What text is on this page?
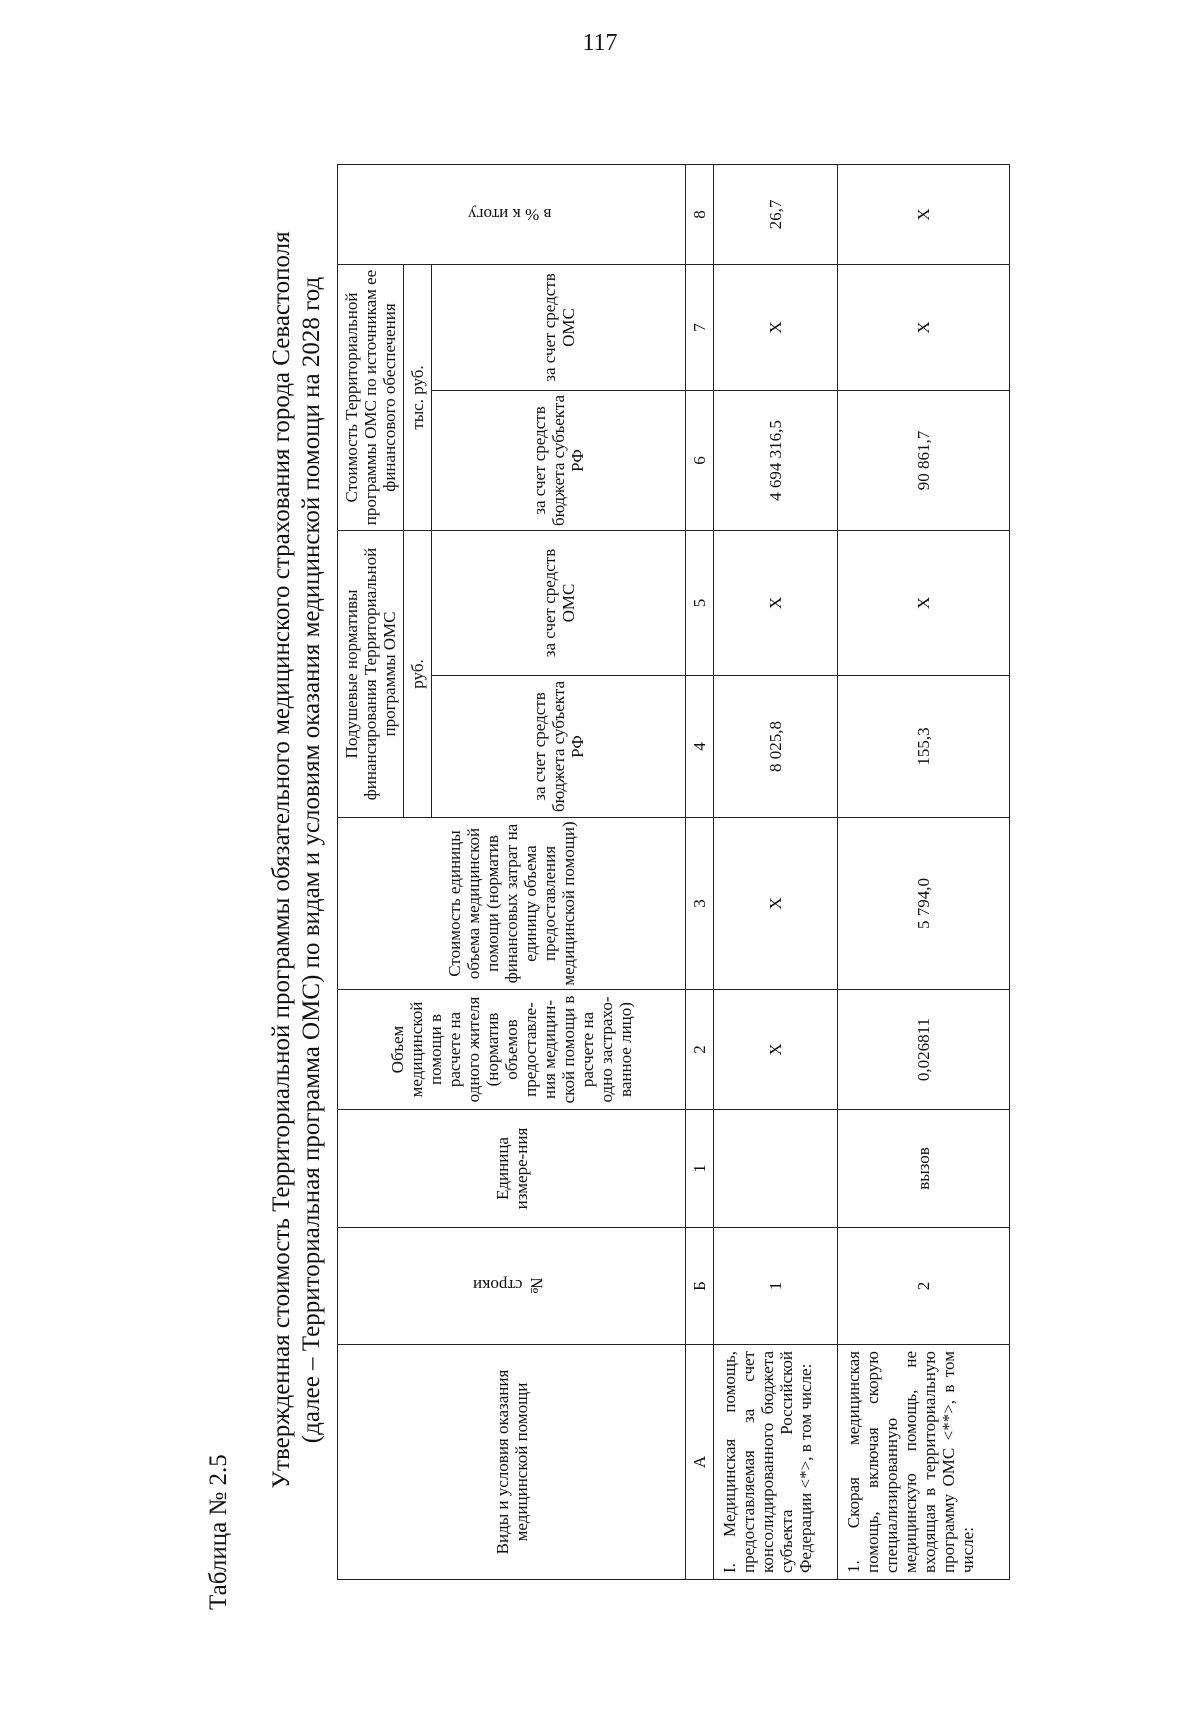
117
Таблица № 2.5
Утвержденная стоимость Территориальной программы обязательного медицинского страхования города Севастополя (далее – Территориальная программа ОМС) по видам и условиям оказания медицинской помощи на 2028 год
Виды и условия оказания медицинской помощи	№ строки	Единица измере-ния	Объем медицинской помощи в расчете на одного жителя (норматив объемов предоставле-ния медицин-ской помощи в расчете на одно застрахо-ванное лицо)	Стоимость единицы объема медицинской помощи (норматив финансовых затрат на единицу объема предоставления медицинской помощи)	Подушевые нормативы финансирования Территориальной программы ОМС		Стоимость Территориальной программы ОМС по источникам ее финансового обеспечения		в % к итогу
					руб.		тыс. руб.		
					за счет средств бюджета субъекта РФ	за счет средств ОМС	за счет средств бюджета субъекта РФ	за счет средств ОМС	
А	Б	1	2	3	4	5	6	7	8
I. Медицинская помощь, предоставляемая за счет консолидированного бюджета субъекта Российской Федерации <*>, в том числе:	1		X	X	8 025,8	X	4 694 316,5	X	26,7
1. Скорая медицинская помощь, включая скорую специализированную медицинскую помощь, не входящая в территориальную программу ОМС <**>, в том числе:	2	вызов	0,026811	5 794,0	155,3	X	90 861,7	X	X
